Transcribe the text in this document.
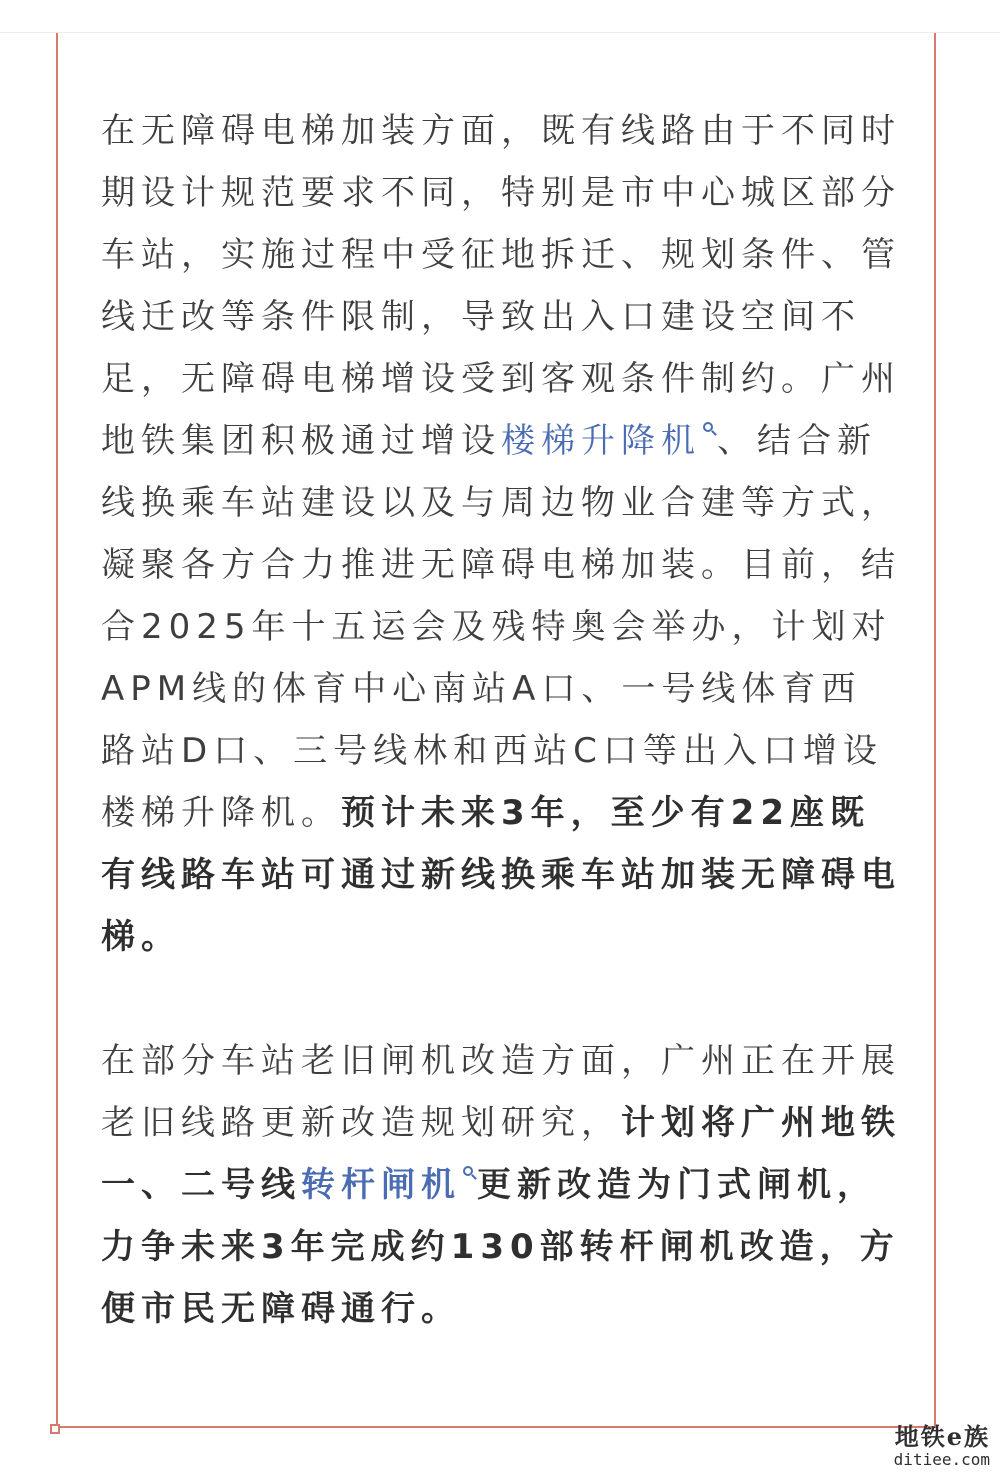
在无障碍电梯加装方面，既有线路由于不同时期设计规范要求不同，特别是市中心城区部分车站，实施过程中受征地拆迁、规划条件、管线迁改等条件限制，导致出入口建设空间不足，无障碍电梯增设受到客观条件制约。广州地铁集团积极通过增设楼梯升降机 、结合新线换乘车站建设以及与周边物业合建等方式，凝聚各方合力推进无障碍电梯加装。目前，结合2025年十五运会及残特奥会举办，计划对APM线的体育中心南站A口、一号线体育西路站D口、三号线林和西站C口等出入口增设楼梯升降机。预计未来3年，至少有22座既有线路车站可通过新线换乘车站加装无障碍电梯。

在部分车站老旧闸机改造方面，广州正在开展老旧线路更新改造规划研究，计划将广州地铁一、二号线转杆闸机 更新改造为门式闸机，力争未来3年完成约130部转杆闸机改造，方便市民无障碍通行。

地铁e族
ditiee.com
